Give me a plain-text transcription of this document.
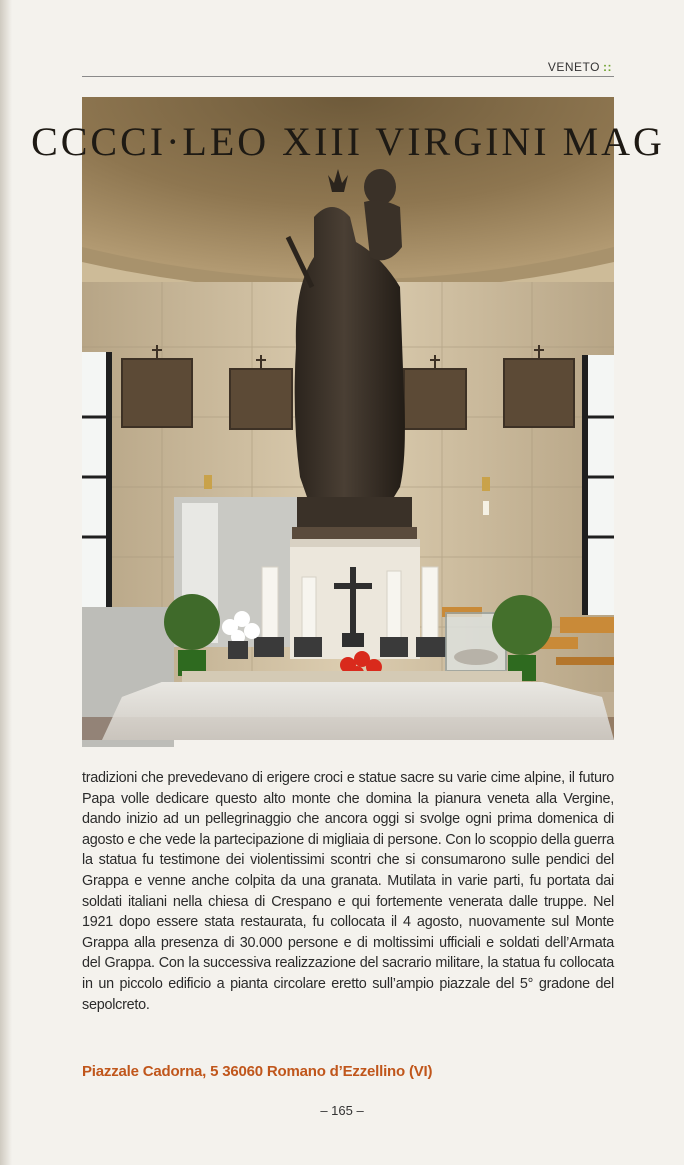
VENETO ::
CCCCI·LEO XIII VIRGINI MAG

tradizioni che prevedevano di erigere croci e statue sacre su varie cime alpine, il futuro Papa volle dedicare questo alto monte che domina la pianura veneta alla Vergine, dando inizio ad un pellegrinaggio che ancora oggi si svolge ogni prima domenica di agosto e che vede la partecipazione di migliaia di persone. Con lo scoppio della guerra la statua fu testimone dei violentissimi scontri che si consumarono sulle pendici del Grappa e venne anche colpita da una granata. Mutilata in varie parti, fu portata dai soldati italiani nella chiesa di Crespano e qui fortemente venerata dalle truppe. Nel 1921 dopo essere stata restaurata, fu collocata il 4 agosto, nuovamente sul Monte Grappa alla presenza di 30.000 persone e di moltissimi ufficiali e soldati dell’Armata del Grappa. Con la successiva realizzazione del sacrario militare, la statua fu collocata in un piccolo edificio a pianta circolare eretto sull’ampio piazzale del 5° gradone del sepolcreto.

Piazzale Cadorna, 5 36060 Romano d’Ezzellino (VI)

– 165 –
